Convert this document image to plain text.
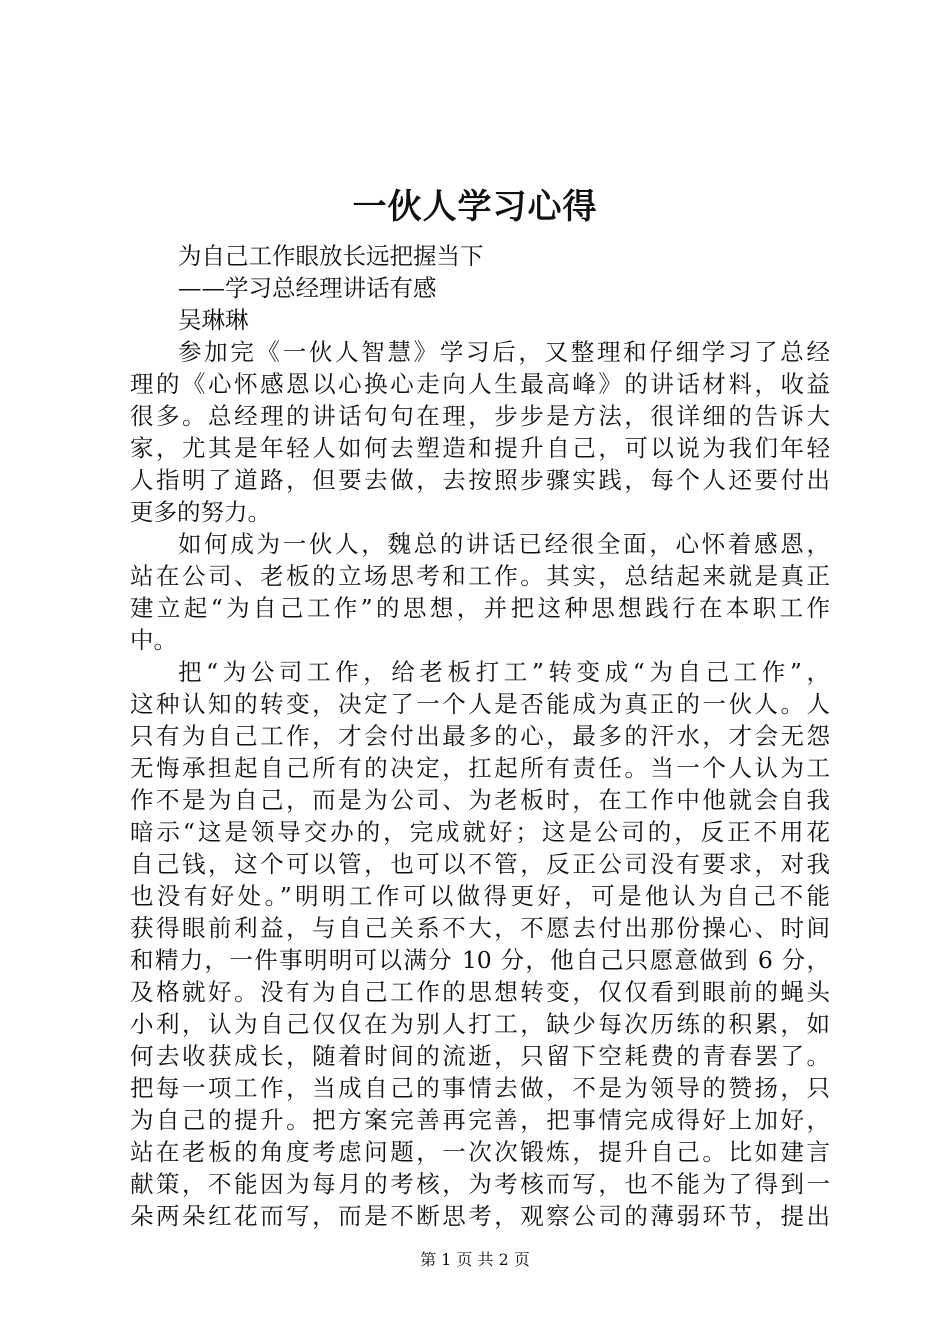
一伙人学习心得
为自己工作眼放长远把握当下
——学习总经理讲话有感
吴琳琳
参加完《一伙人智慧》学习后，又整理和仔细学习了总经
理的《心怀感恩以心换心走向人生最高峰》的讲话材料，收益
很多。总经理的讲话句句在理，步步是方法，很详细的告诉大
家，尤其是年轻人如何去塑造和提升自己，可以说为我们年轻
人指明了道路，但要去做，去按照步骤实践，每个人还要付出
更多的努力。
如何成为一伙人，魏总的讲话已经很全面，心怀着感恩，
站在公司、老板的立场思考和工作。其实，总结起来就是真正
建立起“为自己工作”的思想，并把这种思想践行在本职工作
中。
把“为公司工作，给老板打工”转变成“为自己工作”，
这种认知的转变，决定了一个人是否能成为真正的一伙人。人
只有为自己工作，才会付出最多的心，最多的汗水，才会无怨
无悔承担起自己所有的决定，扛起所有责任。当一个人认为工
作不是为自己，而是为公司、为老板时，在工作中他就会自我
暗示“这是领导交办的，完成就好；这是公司的，反正不用花
自己钱，这个可以管，也可以不管，反正公司没有要求，对我
也没有好处。”明明工作可以做得更好，可是他认为自己不能
获得眼前利益，与自己关系不大，不愿去付出那份操心、时间
和精力，一件事明明可以满分 10 分，他自己只愿意做到 6 分，
及格就好。没有为自己工作的思想转变，仅仅看到眼前的蝇头
小利，认为自己仅仅在为别人打工，缺少每次历练的积累，如
何去收获成长，随着时间的流逝，只留下空耗费的青春罢了。
把每一项工作，当成自己的事情去做，不是为领导的赞扬，只
为自己的提升。把方案完善再完善，把事情完成得好上加好，
站在老板的角度考虑问题，一次次锻炼，提升自己。比如建言
献策，不能因为每月的考核，为考核而写，也不能为了得到一
朵两朵红花而写，而是不断思考，观察公司的薄弱环节，提出
第 1 页 共 2 页
